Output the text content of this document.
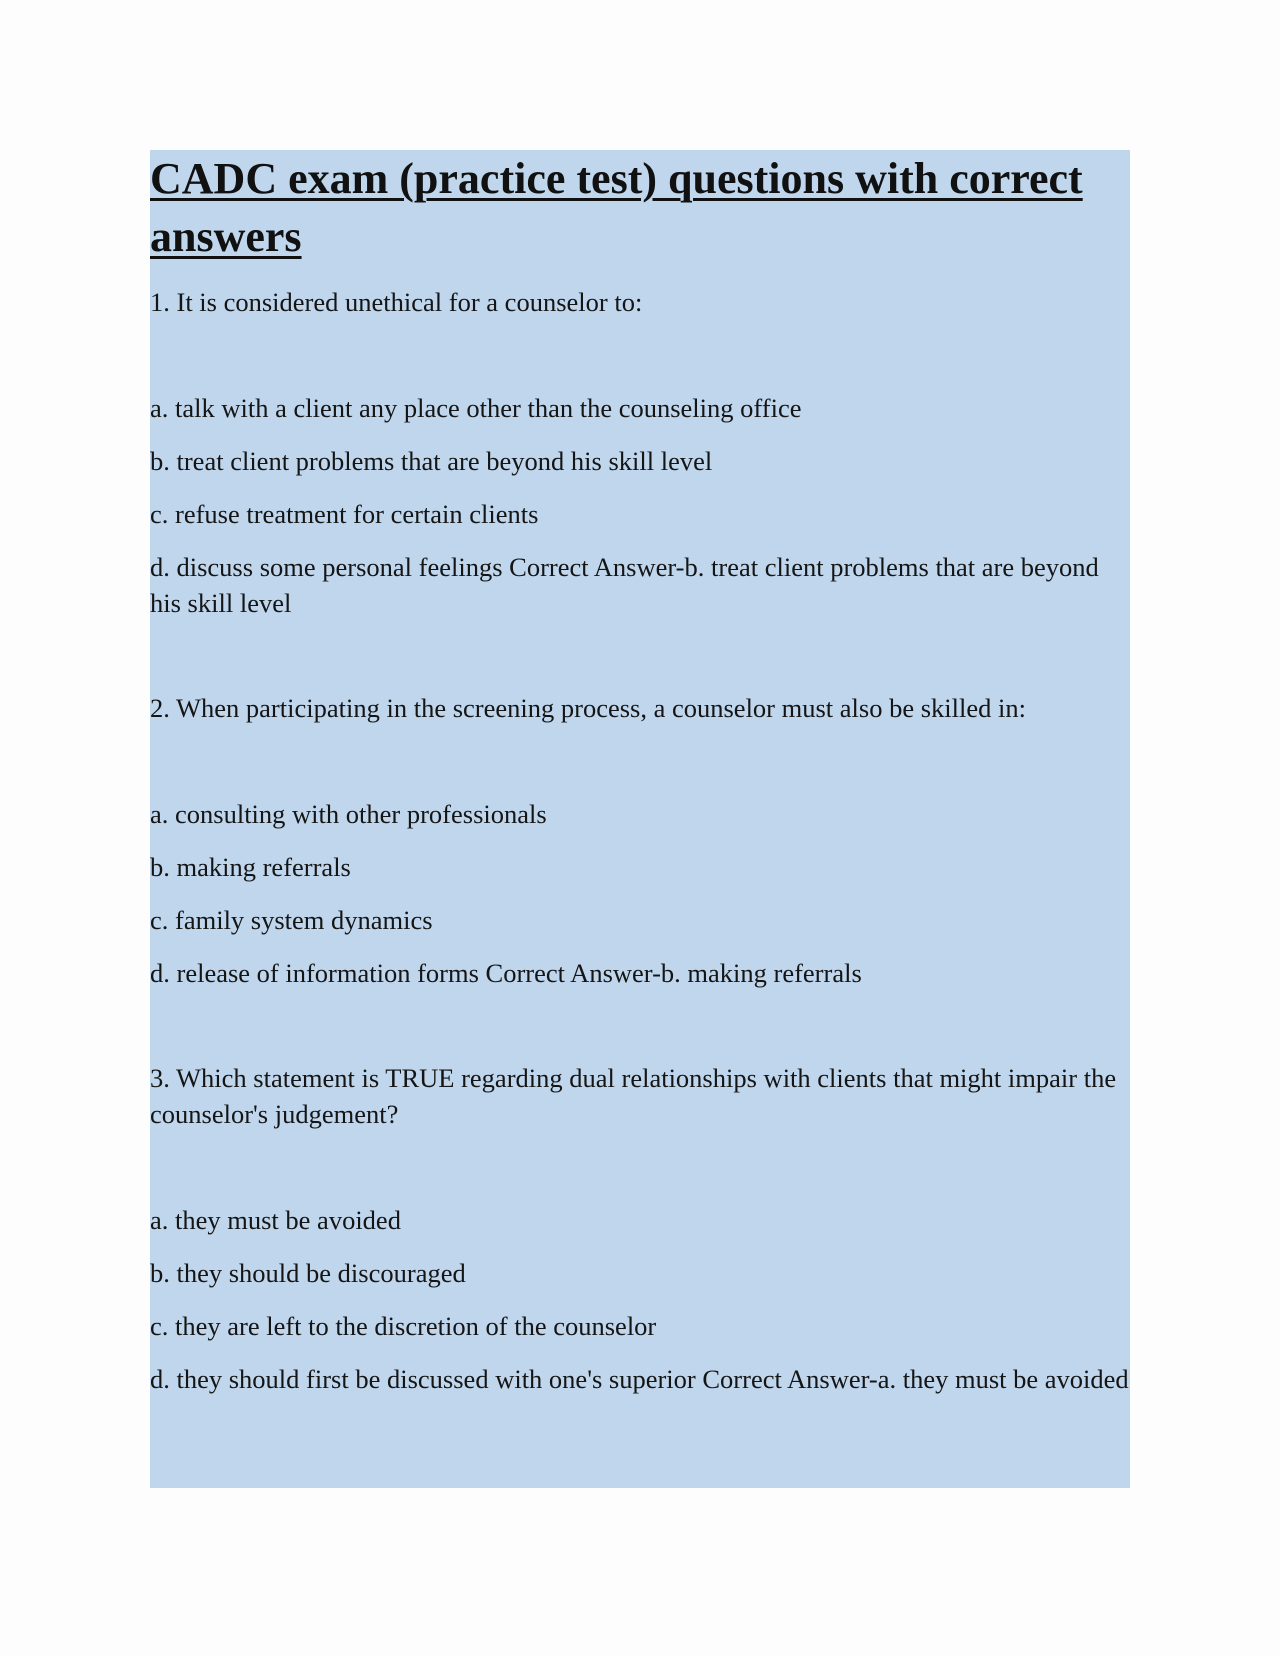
CADC exam (practice test) questions with correct answers

1. It is considered unethical for a counselor to:

a. talk with a client any place other than the counseling office

b. treat client problems that are beyond his skill level

c. refuse treatment for certain clients

d. discuss some personal feelings Correct Answer-b. treat client problems that are beyond his skill level

2. When participating in the screening process, a counselor must also be skilled in:

a. consulting with other professionals

b. making referrals

c. family system dynamics

d. release of information forms Correct Answer-b. making referrals

3. Which statement is TRUE regarding dual relationships with clients that might impair the counselor's judgement?

a. they must be avoided

b. they should be discouraged

c. they are left to the discretion of the counselor

d. they should first be discussed with one's superior Correct Answer-a. they must be avoided
